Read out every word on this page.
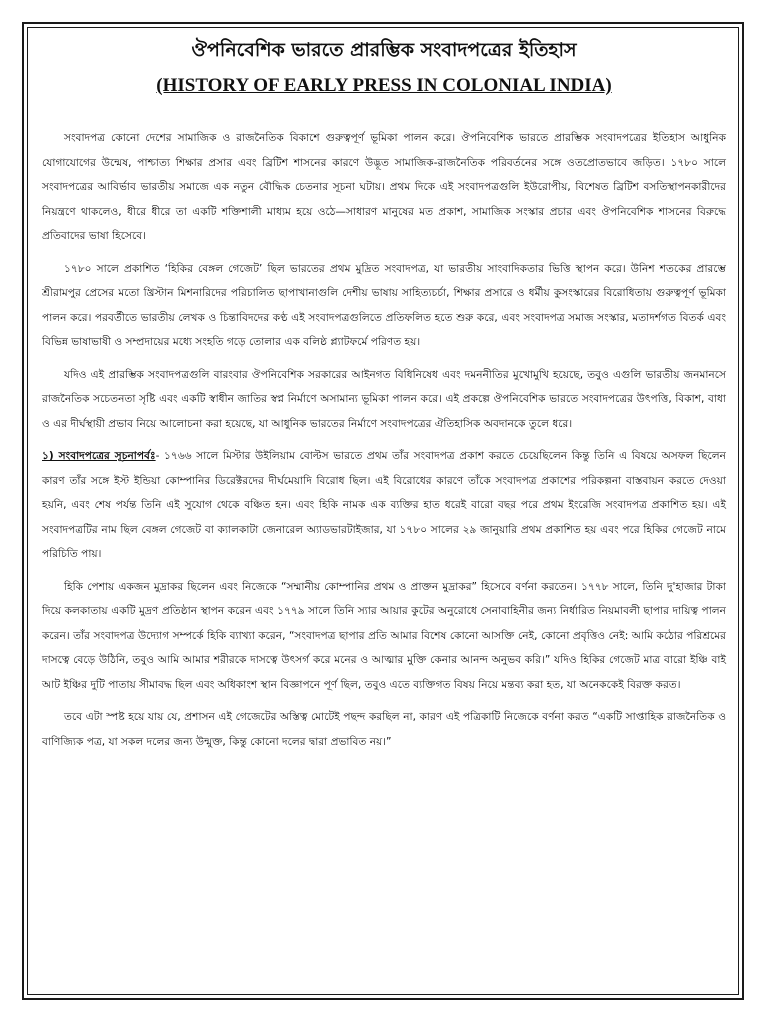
ঔপনিবেশিক ভারতে প্রারম্ভিক সংবাদপত্রের ইতিহাস
(HISTORY OF EARLY PRESS IN COLONIAL INDIA)

সংবাদপত্র কোনো দেশের সামাজিক ও রাজনৈতিক বিকাশে গুরুত্বপূর্ণ ভূমিকা পালন করে। ঔপনিবেশিক ভারতে প্রারম্ভিক সংবাদপত্রের ইতিহাস আধুনিক যোগাযোগের উন্মেষ, পাশ্চাত্য শিক্ষার প্রসার এবং ব্রিটিশ শাসনের কারণে উদ্ভূত সামাজিক-রাজনৈতিক পরিবর্তনের সঙ্গে ওতপ্রোতভাবে জড়িত। ১৭৮০ সালে সংবাদপত্রের আবির্ভাব ভারতীয় সমাজে এক নতুন বৌদ্ধিক চেতনার সূচনা ঘটায়। প্রথম দিকে এই সংবাদপত্রগুলি ইউরোপীয়, বিশেষত ব্রিটিশ বসতিস্থাপনকারীদের নিয়ন্ত্রণে থাকলেও, ধীরে ধীরে তা একটি শক্তিশালী মাধ্যম হয়ে ওঠে—সাধারণ মানুষের মত প্রকাশ, সামাজিক সংস্কার প্রচার এবং ঔপনিবেশিক শাসনের বিরুদ্ধে প্রতিবাদের ভাষা হিসেবে।

১৭৮০ সালে প্রকাশিত ‘হিকির বেঙ্গল গেজেট’ ছিল ভারতের প্রথম মুদ্রিত সংবাদপত্র, যা ভারতীয় সাংবাদিকতার ভিত্তি স্থাপন করে। উনিশ শতকের প্রারম্ভে শ্রীরামপুর প্রেসের মতো খ্রিস্টান মিশনারিদের পরিচালিত ছাপাখানাগুলি দেশীয় ভাষায় সাহিত্যচর্চা, শিক্ষার প্রসারে ও ধর্মীয় কুসংস্কারের বিরোধিতায় গুরুত্বপূর্ণ ভূমিকা পালন করে। পরবর্তীতে ভারতীয় লেখক ও চিন্তাবিদদের কণ্ঠ এই সংবাদপত্রগুলিতে প্রতিফলিত হতে শুরু করে, এবং সংবাদপত্র সমাজ সংস্কার, মতাদর্শগত বিতর্ক এবং বিভিন্ন ভাষাভাষী ও সম্প্রদায়ের মধ্যে সংহতি গড়ে তোলার এক বলিষ্ঠ প্ল্যাটফর্মে পরিণত হয়।

যদিও এই প্রারম্ভিক সংবাদপত্রগুলি বারংবার ঔপনিবেশিক সরকারের আইনগত বিধিনিষেধ এবং দমননীতির মুখোমুখি হয়েছে, তবুও এগুলি ভারতীয় জনমানসে রাজনৈতিক সচেতনতা সৃষ্টি এবং একটি স্বাধীন জাতির স্বপ্ন নির্মাণে অসামান্য ভূমিকা পালন করে। এই প্রকল্পে ঔপনিবেশিক ভারতে সংবাদপত্রের উৎপত্তি, বিকাশ, বাধা ও এর দীর্ঘস্থায়ী প্রভাব নিয়ে আলোচনা করা হয়েছে, যা আধুনিক ভারতের নির্মাণে সংবাদপত্রের ঐতিহাসিক অবদানকে তুলে ধরে।

১) সংবাদপত্রের সূচনাপর্বঃ- ১৭৬৬ সালে মিস্টার উইলিয়াম বোল্টস ভারতে প্রথম তাঁর সংবাদপত্র প্রকাশ করতে চেয়েছিলেন কিন্তু তিনি এ বিষয়ে অসফল ছিলেন কারণ তাঁর সঙ্গে ইস্ট ইন্ডিয়া কোম্পানির ডিরেক্টরদের দীর্ঘমেয়াদি বিরোধ ছিল। এই বিরোধের কারণে তাঁকে সংবাদপত্র প্রকাশের পরিকল্পনা বাস্তবায়ন করতে দেওয়া হয়নি, এবং শেষ পর্যন্ত তিনি এই সুযোগ থেকে বঞ্চিত হন। এবং হিকি নামক এক ব্যক্তির হাত ধরেই বারো বছর পরে প্রথম ইংরেজি সংবাদপত্র প্রকাশিত হয়। এই সংবাদপত্রটির নাম ছিল বেঙ্গল গেজেট বা ক্যালকাটা জেনারেল অ্যাডভারটাইজার, যা ১৭৮০ সালের ২৯ জানুয়ারি প্রথম প্রকাশিত হয় এবং পরে হিকির গেজেট নামে পরিচিতি পায়।

হিকি পেশায় একজন মুদ্রাকর ছিলেন এবং নিজেকে “সম্মানীয় কোম্পানির প্রথম ও প্রাক্তন মুদ্রাকর” হিসেবে বর্ণনা করতেন। ১৭৭৮ সালে, তিনি দু'হাজার টাকা দিয়ে কলকাতায় একটি মুদ্রণ প্রতিষ্ঠান স্থাপন করেন এবং ১৭৭৯ সালে তিনি স্যার আয়ার কুটের অনুরোধে সেনাবাহিনীর জন্য নির্ধারিত নিয়মাবলী ছাপার দায়িত্ব পালন করেন। তাঁর সংবাদপত্র উদ্যোগ সম্পর্কে হিকি ব্যাখ্যা করেন, “সংবাদপত্র ছাপার প্রতি আমার বিশেষ কোনো আসক্তি নেই, কোনো প্রবৃত্তিও নেই: আমি কঠোর পরিশ্রমের দাসত্বে বেড়ে উঠিনি, তবুও আমি আমার শরীরকে দাসত্বে উৎসর্গ করে মনের ও আত্মার মুক্তি কেনার আনন্দ অনুভব করি।” যদিও হিকির গেজেট মাত্র বারো ইঞ্চি বাই আট ইঞ্চির দুটি পাতায় সীমাবদ্ধ ছিল এবং অধিকাংশ স্থান বিজ্ঞাপনে পূর্ণ ছিল, তবুও এতে ব্যক্তিগত বিষয় নিয়ে মন্তব্য করা হত, যা অনেককেই বিরক্ত করত।

তবে এটা স্পষ্ট হয়ে যায় যে, প্রশাসন এই গেজেটের অস্তিত্ব মোটেই পছন্দ করছিল না, কারণ এই পত্রিকাটি নিজেকে বর্ণনা করত “একটি সাপ্তাহিক রাজনৈতিক ও বাণিজ্যিক পত্র, যা সকল দলের জন্য উন্মুক্ত, কিন্তু কোনো দলের দ্বারা প্রভাবিত নয়।”
